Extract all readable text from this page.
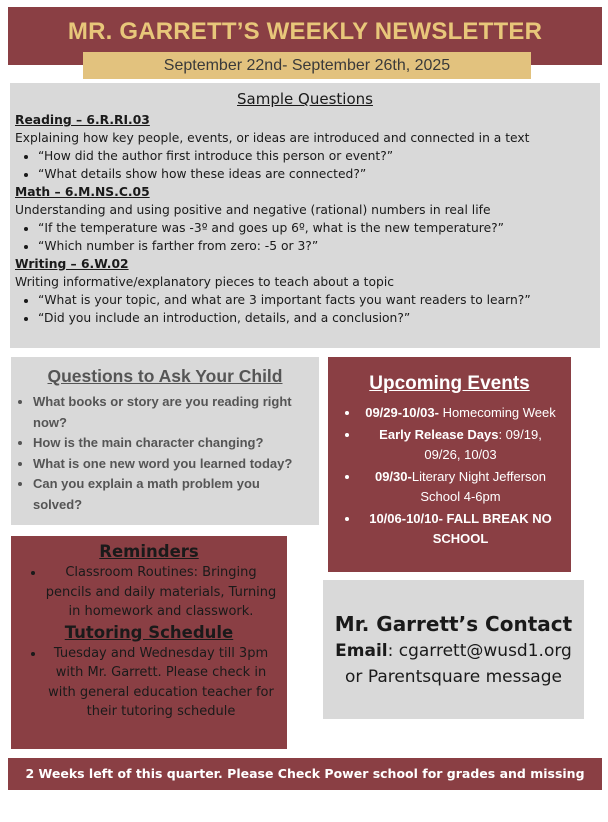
MR. GARRETT’S WEEKLY NEWSLETTER
September 22nd- September 26th, 2025
Sample Questions
Reading – 6.R.RI.03
Explaining how key people, events, or ideas are introduced and connected in a text
• “How did the author first introduce this person or event?”
• “What details show how these ideas are connected?”
Math – 6.M.NS.C.05
Understanding and using positive and negative (rational) numbers in real life
• “If the temperature was -3º and goes up 6º, what is the new temperature?”
• “Which number is farther from zero: -5 or 3?”
Writing – 6.W.02
Writing informative/explanatory pieces to teach about a topic
• “What is your topic, and what are 3 important facts you want readers to learn?”
• “Did you include an introduction, details, and a conclusion?”
Questions to Ask Your Child
• What books or story are you reading right now?
• How is the main character changing?
• What is one new word you learned today?
• Can you explain a math problem you solved?
Upcoming Events
• 09/29-10/03- Homecoming Week
• Early Release Days: 09/19, 09/26, 10/03
• 09/30-Literary Night Jefferson School 4-6pm
• 10/06-10/10- FALL BREAK NO SCHOOL
Reminders
• Classroom Routines: Bringing pencils and daily materials, Turning in homework and classwork.
Tutoring Schedule
• Tuesday and Wednesday till 3pm with Mr. Garrett. Please check in with general education teacher for their tutoring schedule
Mr. Garrett’s Contact
Email: cgarrett@wusd1.org
or Parentsquare message
2 Weeks left of this quarter. Please Check Power school for grades and missing work.
